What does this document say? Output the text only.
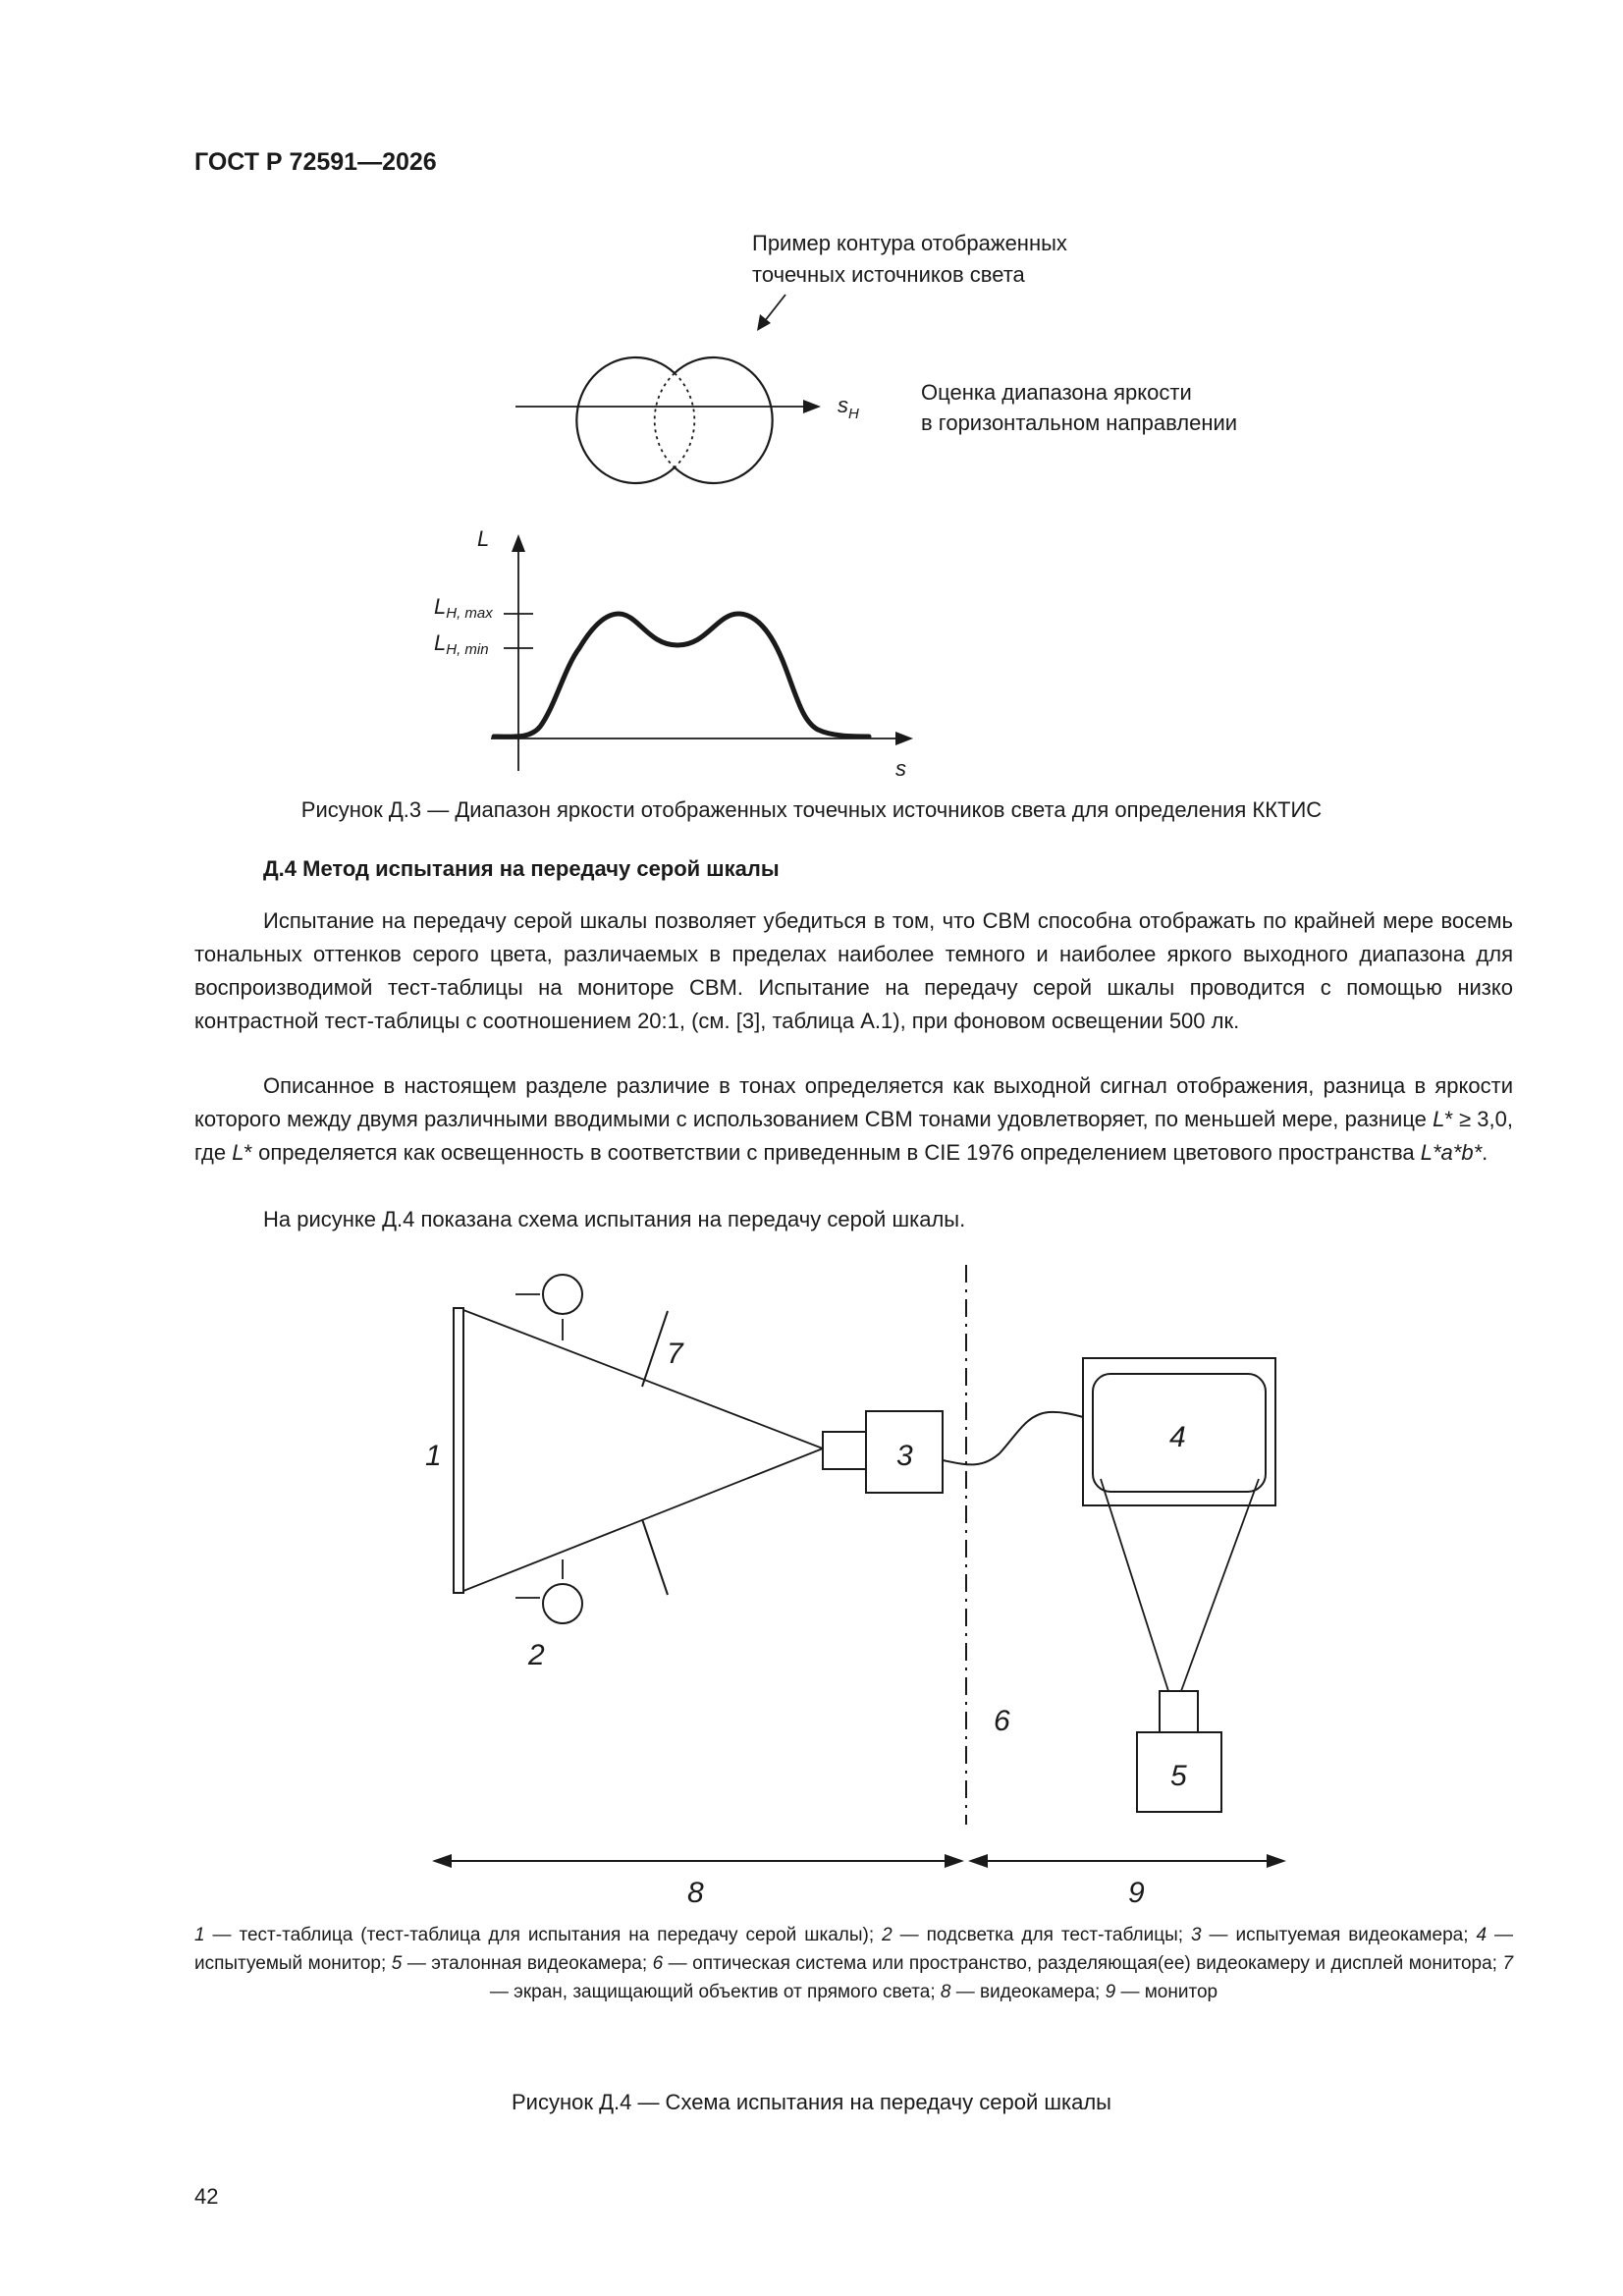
ГОСТ Р 72591—2026
Пример контура отображенных
точечных источников света
$s_H$
Оценка диапазона яркости
в горизонтальном направлении
L
LH, max
LH, min
s
Рисунок Д.3 — Диапазон яркости отображенных точечных источников света для определения ККТИС
Д.4 Метод испытания на передачу серой шкалы
Испытание на передачу серой шкалы позволяет убедиться в том, что СВМ способна отображать по крайней мере восемь тональных оттенков серого цвета, различаемых в пределах наиболее темного и наиболее яркого выходного диапазона для воспроизводимой тест-таблицы на мониторе СВМ. Испытание на передачу серой шкалы проводится с помощью низко контрастной тест-таблицы с соотношением 20:1, (см. [3], таблица А.1), при фоновом освещении 500 лк.
Описанное в настоящем разделе различие в тонах определяется как выходной сигнал отображения, разница в яркости которого между двумя различными вводимыми с использованием СВМ тонами удовлетворяет, по меньшей мере, разнице L* ≥ 3,0, где L* определяется как освещенность в соответствии с приведенным в CIE 1976 определением цветового пространства L*a*b*.
На рисунке Д.4 показана схема испытания на передачу серой шкалы.
1
2
3
4
5
6
7
8	9
1 — тест-таблица (тест-таблица для испытания на передачу серой шкалы); 2 — подсветка для тест-таблицы; 3 — испытуемая видеокамера; 4 — испытуемый монитор; 5 — эталонная видеокамера; 6 — оптическая система или пространство, разделяющая(ее) видеокамеру и дисплей монитора; 7 — экран, защищающий объектив от прямого света; 8 — видеокамера; 9 — монитор
Рисунок Д.4 — Схема испытания на передачу серой шкалы
42
